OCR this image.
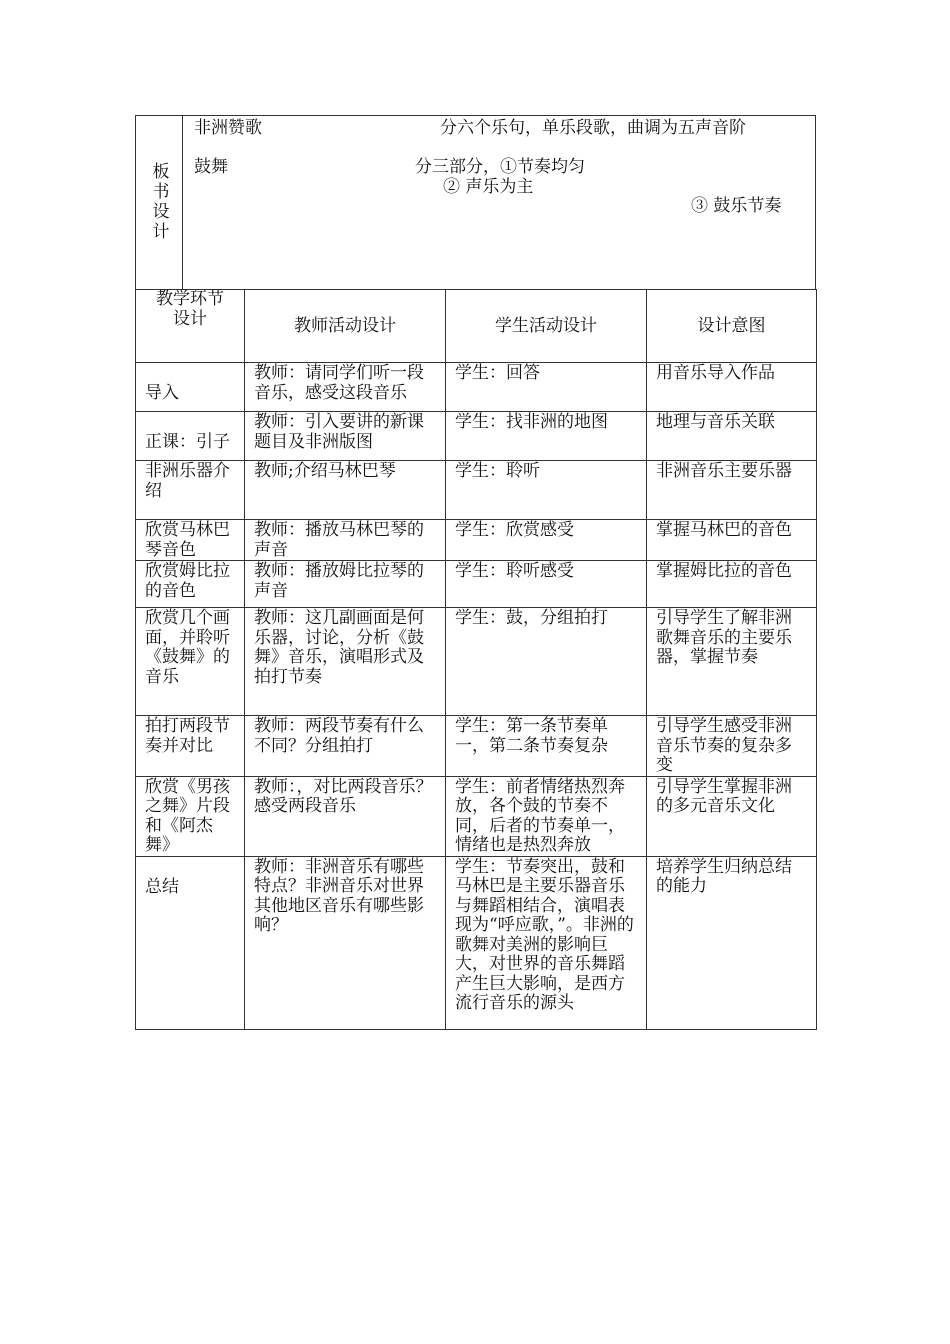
板
书
设
计
非洲赞歌	分六个乐句，单乐段歌，曲调为五声音阶
鼓舞	分三部分，①节奏均匀
② 声乐为主
③ 鼓乐节奏
教学环节
设计	教师活动设计	学生活动设计	设计意图

导入	教师：请同学们听一段音乐，感受这段音乐	学生：回答	用音乐导入作品

正课：引子	教师：引入要讲的新课题目及非洲版图	学生：找非洲的地图	地理与音乐关联
非洲乐器介绍	教师;介绍马林巴琴	学生：聆听	非洲音乐主要乐器
欣赏马林巴琴音色	教师：播放马林巴琴的声音	学生：欣赏感受	掌握马林巴的音色
欣赏姆比拉的音色	教师：播放姆比拉琴的声音	学生：聆听感受	掌握姆比拉的音色
欣赏几个画面，并聆听《鼓舞》的音乐	教师：这几副画面是何乐器，讨论，分析《鼓舞》音乐，演唱形式及拍打节奏	学生：鼓，分组拍打	引导学生了解非洲歌舞音乐的主要乐器，掌握节奏
拍打两段节奏并对比	教师：两段节奏有什么不同？分组拍打	学生：第一条节奏单一，第二条节奏复杂	引导学生感受非洲音乐节奏的复杂多变
欣赏《男孩之舞》片段和《阿杰舞》	教师：，对比两段音乐？感受两段音乐	学生：前者情绪热烈奔放，各个鼓的节奏不同，后者的节奏单一，情绪也是热烈奔放	引导学生掌握非洲的多元音乐文化

总结	教师：非洲音乐有哪些特点？非洲音乐对世界其他地区音乐有哪些影响？	学生：节奏突出，鼓和马林巴是主要乐器音乐与舞蹈相结合，演唱表现为“呼应歌，”。非洲的歌舞对美洲的影响巨大，对世界的音乐舞蹈产生巨大影响，是西方流行音乐的源头	培养学生归纳总结的能力
